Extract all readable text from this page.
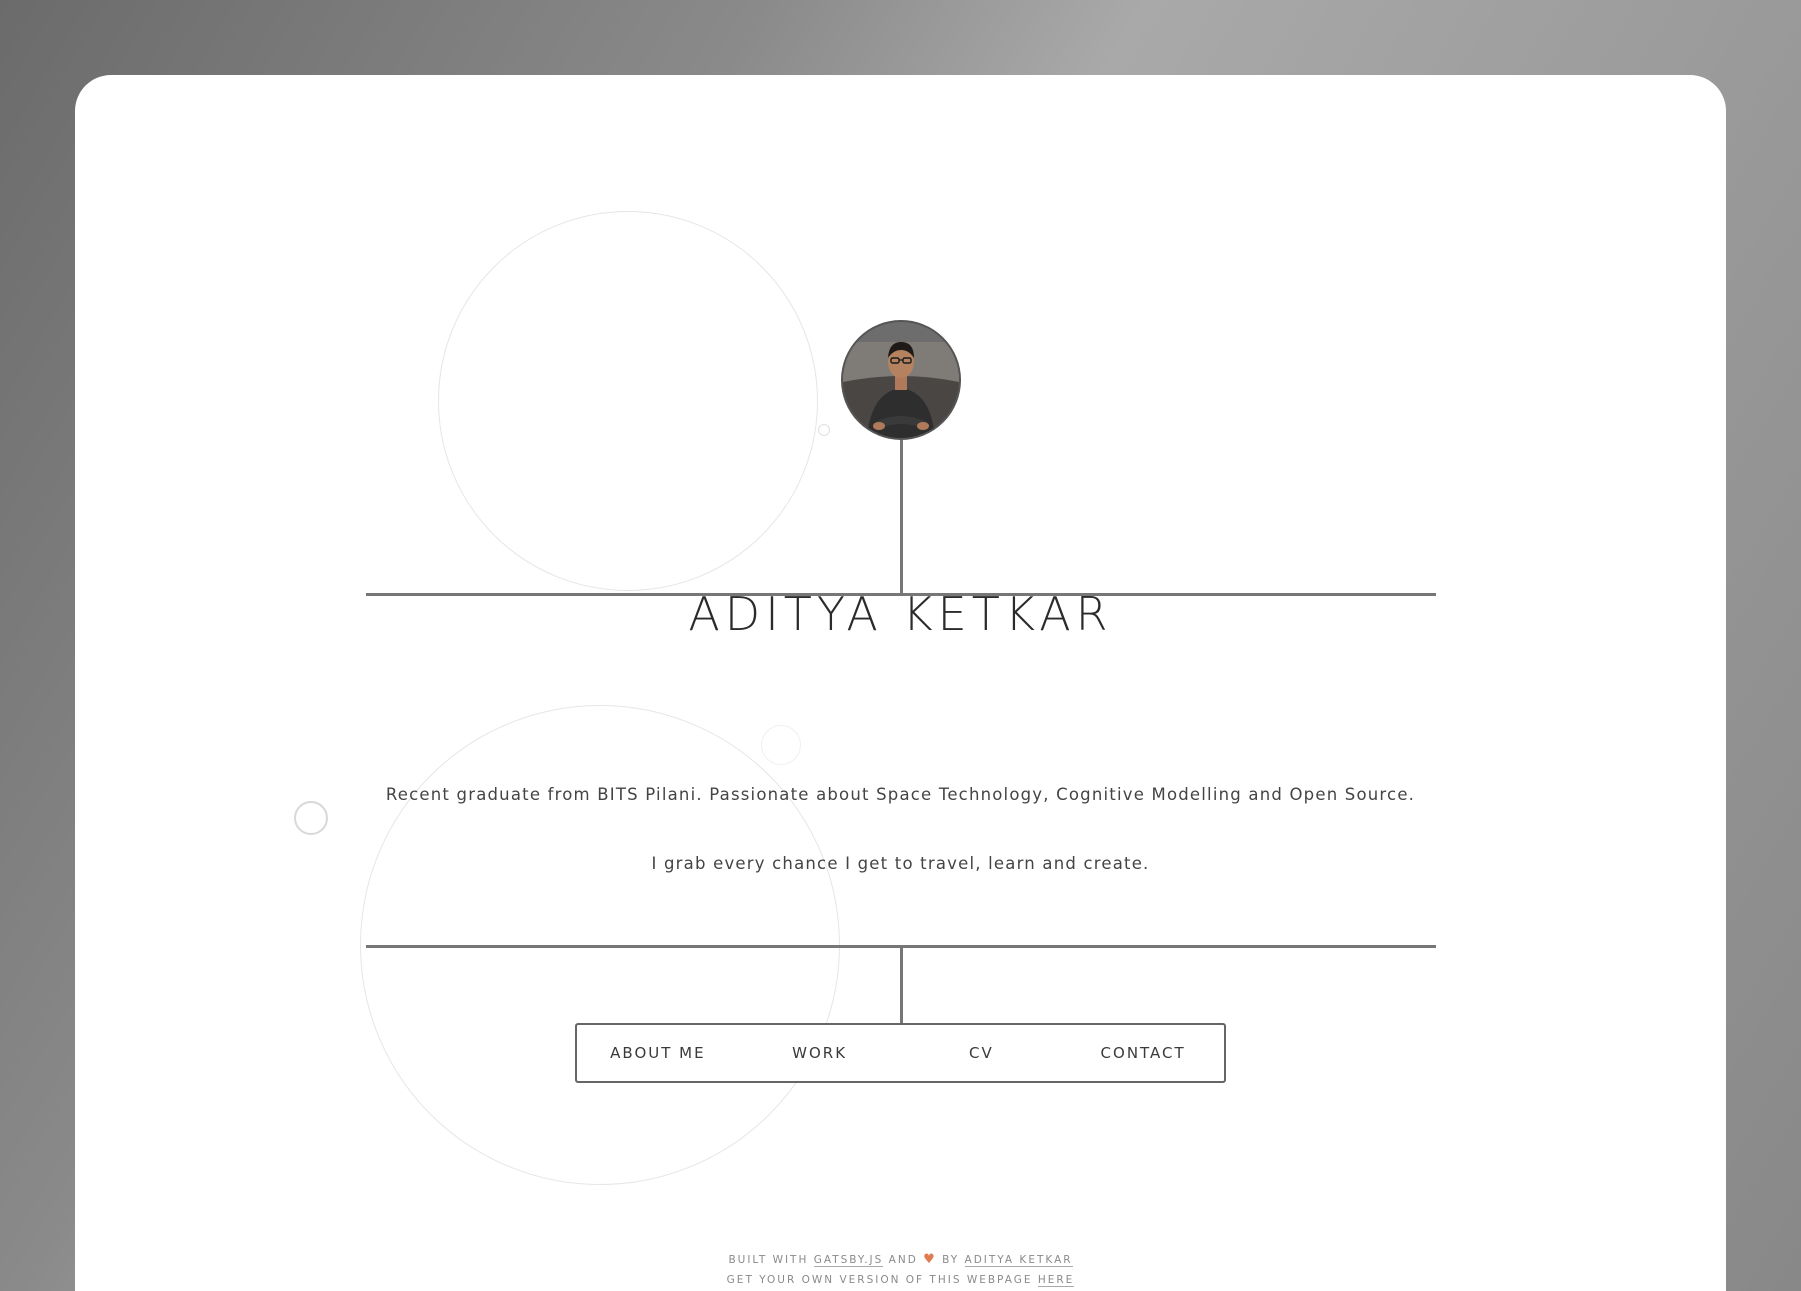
ADITYA KETKAR
Recent graduate from BITS Pilani. Passionate about Space Technology, Cognitive Modelling and Open Source.
I grab every chance I get to travel, learn and create.
ABOUT ME	WORK	CV	CONTACT
BUILT WITH GATSBY.JS AND ♥ BY ADITYA KETKAR
GET YOUR OWN VERSION OF THIS WEBPAGE HERE
